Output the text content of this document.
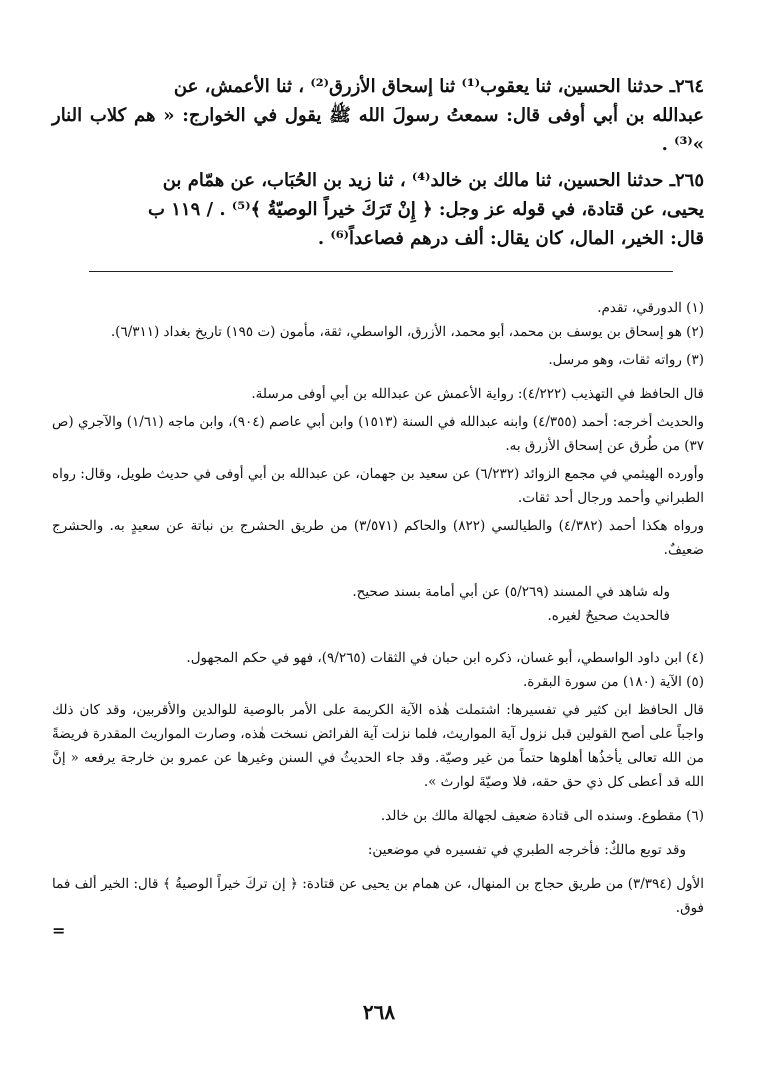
٢٦٤ـ حدثنا الحسين، ثنا يعقوب⁽¹⁾ ثنا إسحاق الأزرق⁽²⁾ ، ثنا الأعمش، عن

عبدالله بن أبي أوفى قال: سمعتُ رسولَ الله ﷺ يقول في الخوارج: « هم كلاب النار »⁽³⁾ .

٢٦٥ـ حدثنا الحسين، ثنا مالك بن خالد⁽⁴⁾ ، ثنا زيد بن الحُبَاب، عن همّام بن

يحيى، عن قتادة، في قوله عز وجل: ﴿ إِنْ تَرَكَ خيراً الوصيّةُ ﴾⁽⁵⁾ . / ١١٩ ب

قال: الخير، المال، كان يقال: ألف درهم فصاعداً⁽⁶⁾ .

(١) الدورقي، تقدم.

(٢) هو إسحاق بن يوسف بن محمد، أبو محمد، الأزرق، الواسطي، ثقة، مأمون (ت ١٩٥) تاريخ بغداد (٦/٣١١).

(٣) رواته ثقات، وهو مرسل.

قال الحافظ في التهذيب (٤/٢٢٢): رواية الأعمش عن عبدالله بن أبي أوفى مرسلة.

والحديث أخرجه: أحمد (٤/٣٥٥) وابنه عبدالله في السنة (١٥١٣) وابن أبي عاصم (٩٠٤)، وابن ماجه (١/٦١) والآجري (ص ٣٧) من طُرق عن إسحاق الأزرق به.

وأورده الهيثمي في مجمع الزوائد (٦/٢٣٢) عن سعيد بن جهمان، عن عبدالله بن أبي أوفى في حديث طويل، وقال: رواه الطبراني وأحمد ورجال أحد ثقات.

ورواه هكذا أحمد (٤/٣٨٢) والطيالسي (٨٢٢) والحاكم (٣/٥٧١) من طريق الحشرج بن نباتة عن سعيدٍ به. والحشرج ضعيفٌ.

وله شاهد في المسند (٥/٢٦٩) عن أبي أمامة بسند صحيح.

فالحديث صحيحٌ لغيره.

(٤) ابن داود الواسطي، أبو غسان، ذكره ابن حبان في الثقات (٩/٢٦٥)، فهو في حكم المجهول.

(٥) الآية (١٨٠) من سورة البقرة.

قال الحافظ ابن كثير في تفسيرها: اشتملت هٰذه الآية الكريمة على الأمر بالوصية للوالدين والأقربين، وقد كان ذلك واجباً على أصح القولين قبل نزول آية المواريث، فلما نزلت آية الفرائض نسخت هٰذه، وصارت المواريث المقدرة فريضةً من الله تعالى يأخذُها أهلوها حتماً من غير وصيّة. وقد جاء الحديثُ في السنن وغيرها عن عمرو بن خارجة يرفعه « إنَّ الله قد أعطى كل ذي حق حقه، فلا وصيّةَ لوارث ».

(٦) مقطوع. وسنده الى قتادة ضعيف لجهالة مالك بن خالد.

وقد توبع مالكٌ: فأخرجه الطبري في تفسيره في موضعين:

الأول (٣/٣٩٤) من طريق حجاج بن المنهال، عن همام بن يحيى عن قتادة: ﴿ إن تركَ خيراً الوصيةُ ﴾ قال: الخير ألف فما فوق.

=

٢٦٨
